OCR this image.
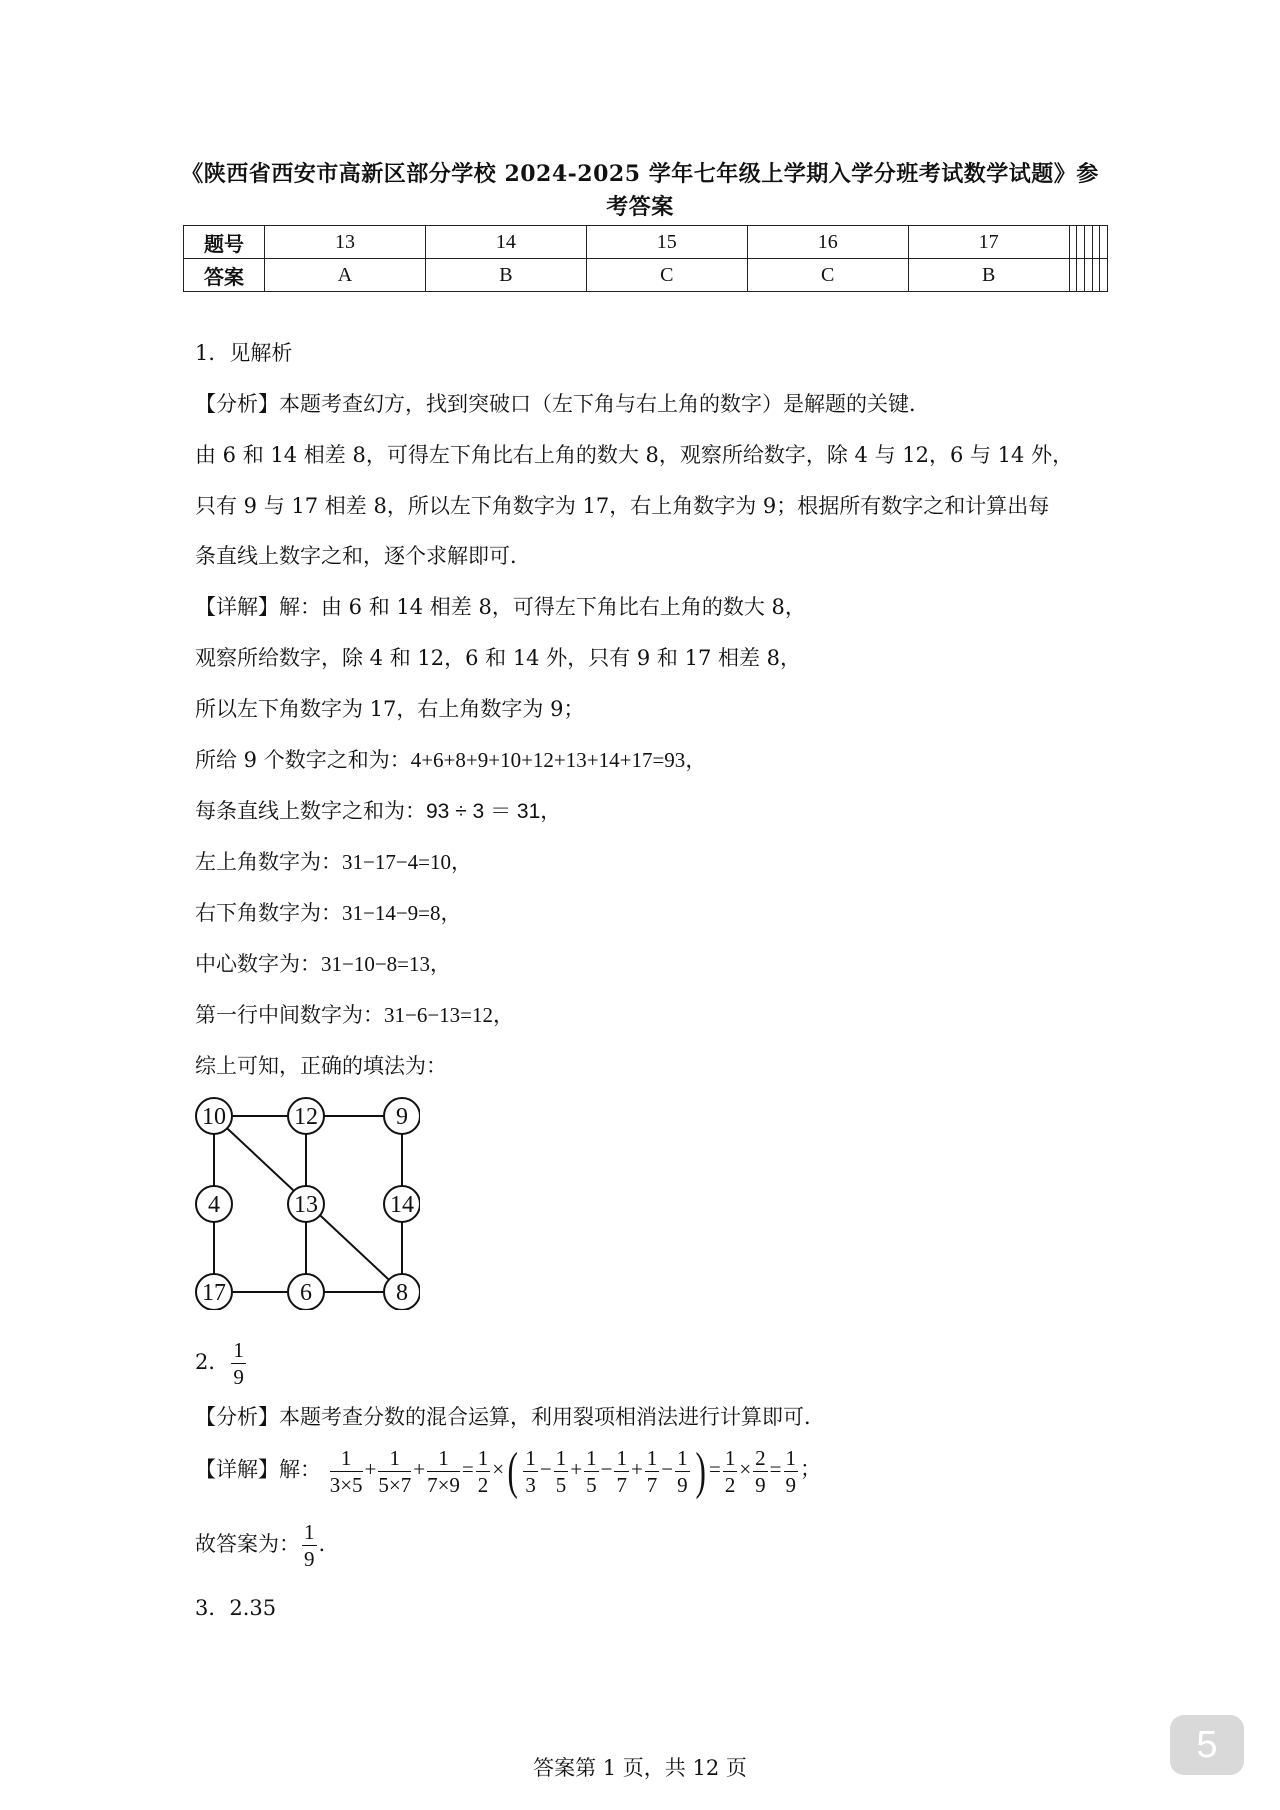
《陕西省西安市高新区部分学校 2024-2025 学年七年级上学期入学分班考试数学试题》参
考答案
题号	13	14	15	16	17					
答案	A	B	C	C	B					
1．见解析
【分析】本题考查幻方，找到突破口（左下角与右上角的数字）是解题的关键．
由 6 和 14 相差 8，可得左下角比右上角的数大 8，观察所给数字，除 4 与 12，6 与 14 外，
只有 9 与 17 相差 8，所以左下角数字为 17，右上角数字为 9；根据所有数字之和计算出每
条直线上数字之和，逐个求解即可．
【详解】解：由 6 和 14 相差 8，可得左下角比右上角的数大 8，
观察所给数字，除 4 和 12，6 和 14 外，只有 9 和 17 相差 8，
所以左下角数字为 17，右上角数字为 9；
所给 9 个数字之和为：4+6+8+9+10+12+13+14+17=93，
每条直线上数字之和为：93 ÷ 3 ＝ 31，
左上角数字为：31−17−4=10，
右下角数字为：31−14−9=8，
中心数字为：31−10−8=13，
第一行中间数字为：31−6−13=12，
综上可知，正确的填法为：
10	12	9
4	13	14
17	6	8
2． $\frac{1}{9}$
【分析】本题考查分数的混合运算，利用裂项相消法进行计算即可．
【详解】解： $\frac{1}{3\times 5} + \frac{1}{5\times 7} + \frac{1}{7\times 9} = \frac{1}{2}$ ×( $\frac{1}{3} - \frac{1}{5} + \frac{1}{5} - \frac{1}{7} + \frac{1}{7} - \frac{1}{9}$ ) = $\frac{1}{2} \times \frac{2}{9} = \frac{1}{9}$ ；
故答案为： $\frac{1}{9}$ .
3．2.35
答案第 1 页，共 12 页
5
